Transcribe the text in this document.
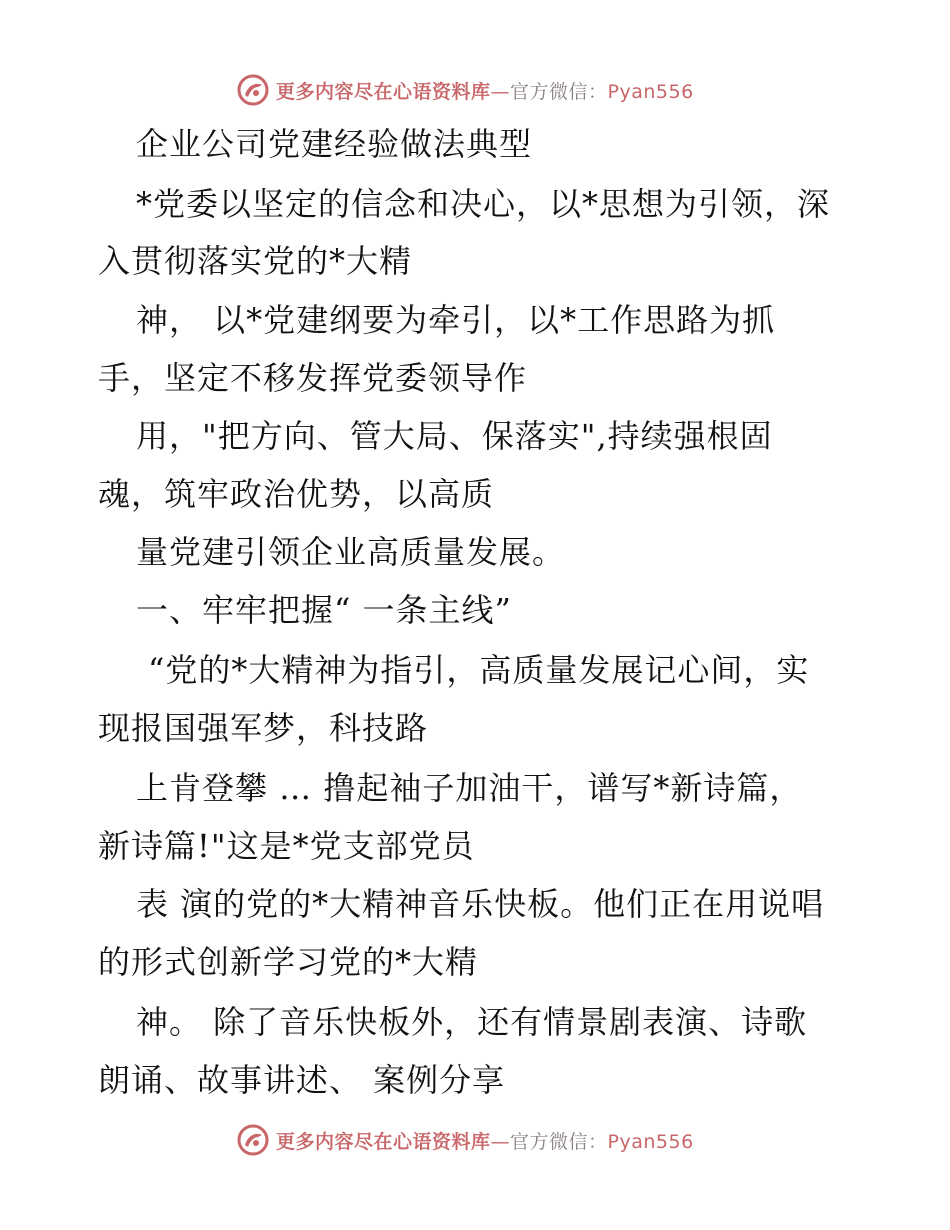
更多内容尽在心语资料库—官方微信：Pyan556
企业公司党建经验做法典型
*党委以坚定的信念和决心，以*思想为引领，深
入贯彻落实党的*大精
神， 以*党建纲要为牵引，以*工作思路为抓
手，坚定不移发挥党委领导作
用，"把方向、管大局、保落实",持续强根固
魂，筑牢政治优势，以高质
量党建引领企业高质量发展。
一、牢牢把握“ 一条主线”
“党的*大精神为指引，高质量发展记心间，实
现报国强军梦，科技路
上肯登攀 … 撸起袖子加油干，谱写*新诗篇，
新诗篇!"这是*党支部党员
表 演的党的*大精神音乐快板。他们正在用说唱
的形式创新学习党的*大精
神。 除了音乐快板外，还有情景剧表演、诗歌
朗诵、故事讲述、 案例分享
更多内容尽在心语资料库—官方微信：Pyan556
